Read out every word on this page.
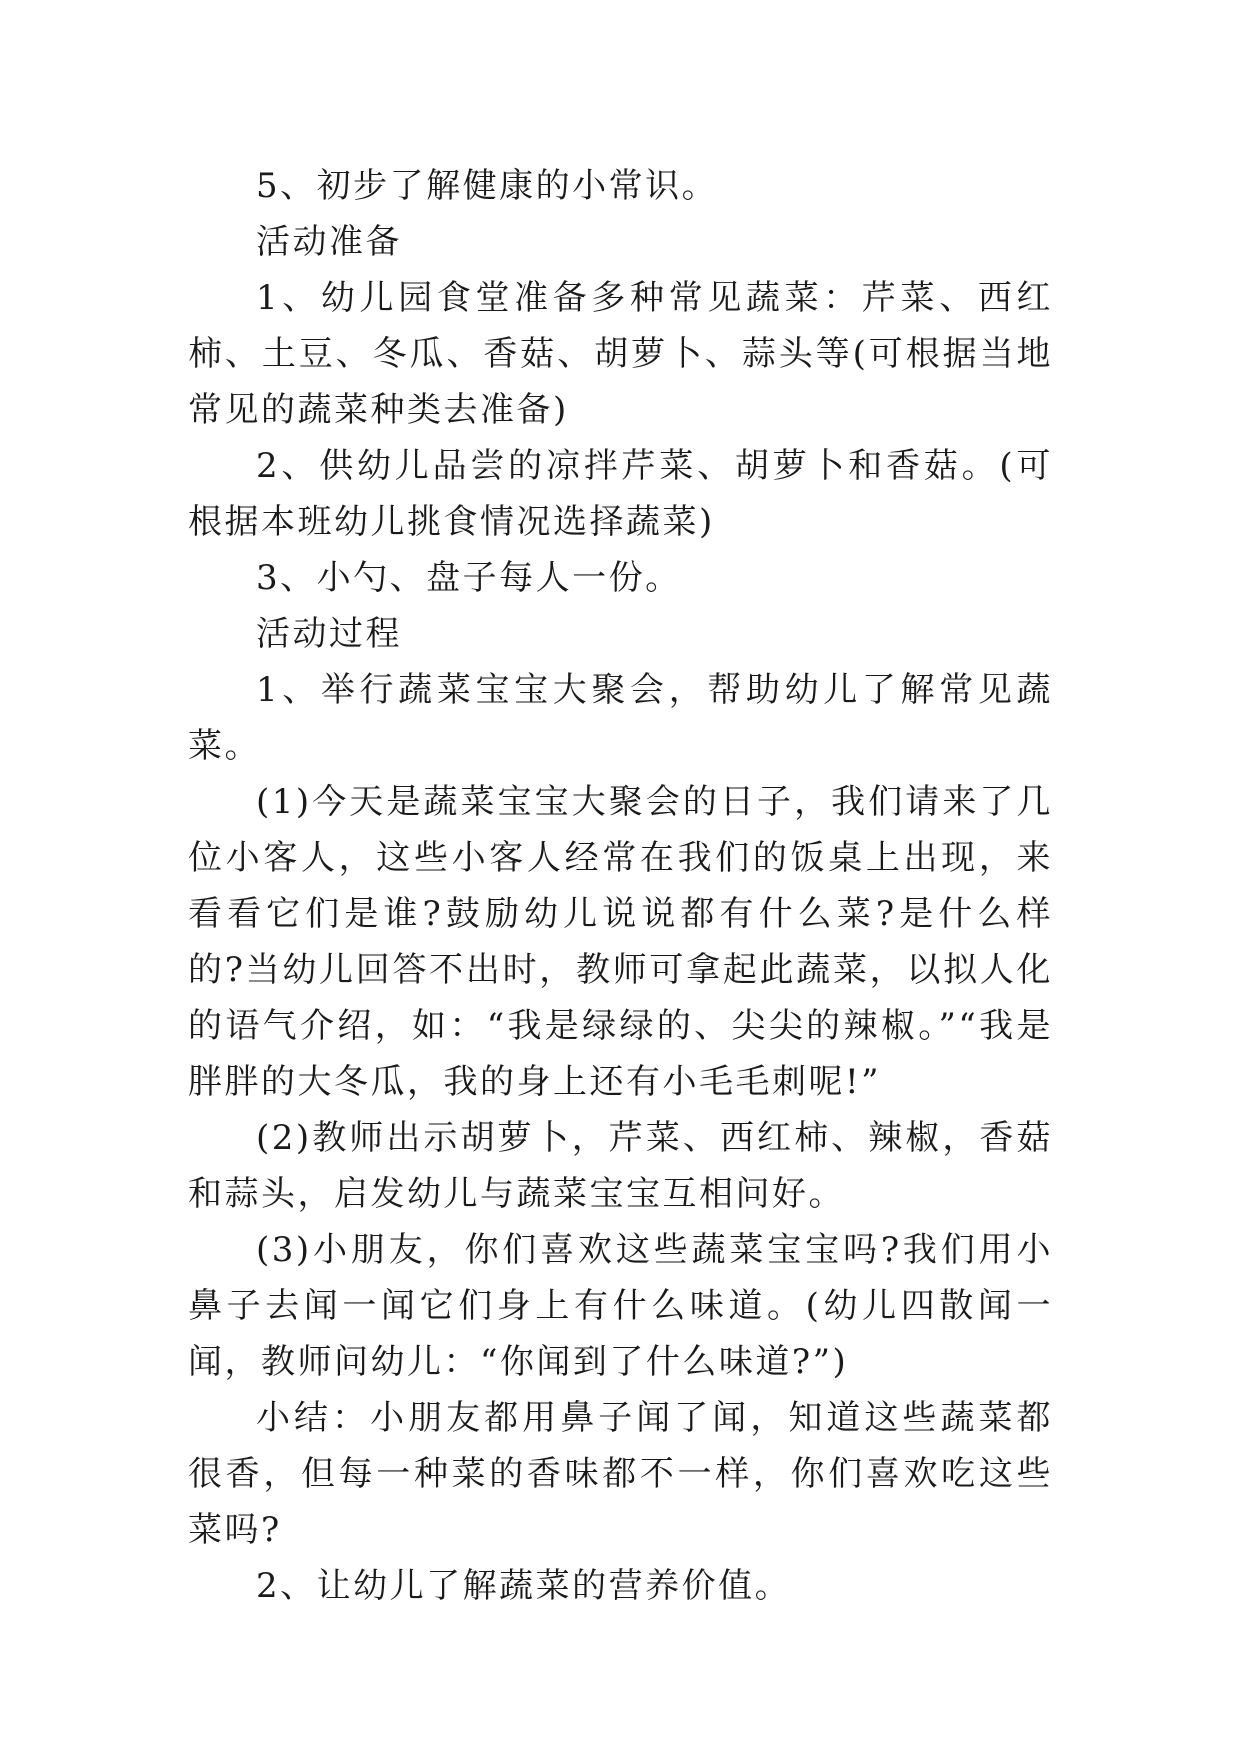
5、初步了解健康的小常识。

活动准备

1、幼儿园食堂准备多种常见蔬菜：芹菜、西红柿、土豆、冬瓜、香菇、胡萝卜、蒜头等(可根据当地常见的蔬菜种类去准备)

2、供幼儿品尝的凉拌芹菜、胡萝卜和香菇。(可根据本班幼儿挑食情况选择蔬菜)

3、小勺、盘子每人一份。

活动过程

1、举行蔬菜宝宝大聚会，帮助幼儿了解常见蔬菜。

(1)今天是蔬菜宝宝大聚会的日子，我们请来了几位小客人，这些小客人经常在我们的饭桌上出现，来看看它们是谁?鼓励幼儿说说都有什么菜?是什么样的?当幼儿回答不出时，教师可拿起此蔬菜，以拟人化的语气介绍，如：“我是绿绿的、尖尖的辣椒。”“我是胖胖的大冬瓜，我的身上还有小毛毛刺呢!”

(2)教师出示胡萝卜，芹菜、西红柿、辣椒，香菇和蒜头，启发幼儿与蔬菜宝宝互相问好。

(3)小朋友，你们喜欢这些蔬菜宝宝吗?我们用小鼻子去闻一闻它们身上有什么味道。(幼儿四散闻一闻，教师问幼儿：“你闻到了什么味道?”)

小结：小朋友都用鼻子闻了闻，知道这些蔬菜都很香，但每一种菜的香味都不一样，你们喜欢吃这些菜吗?

2、让幼儿了解蔬菜的营养价值。
